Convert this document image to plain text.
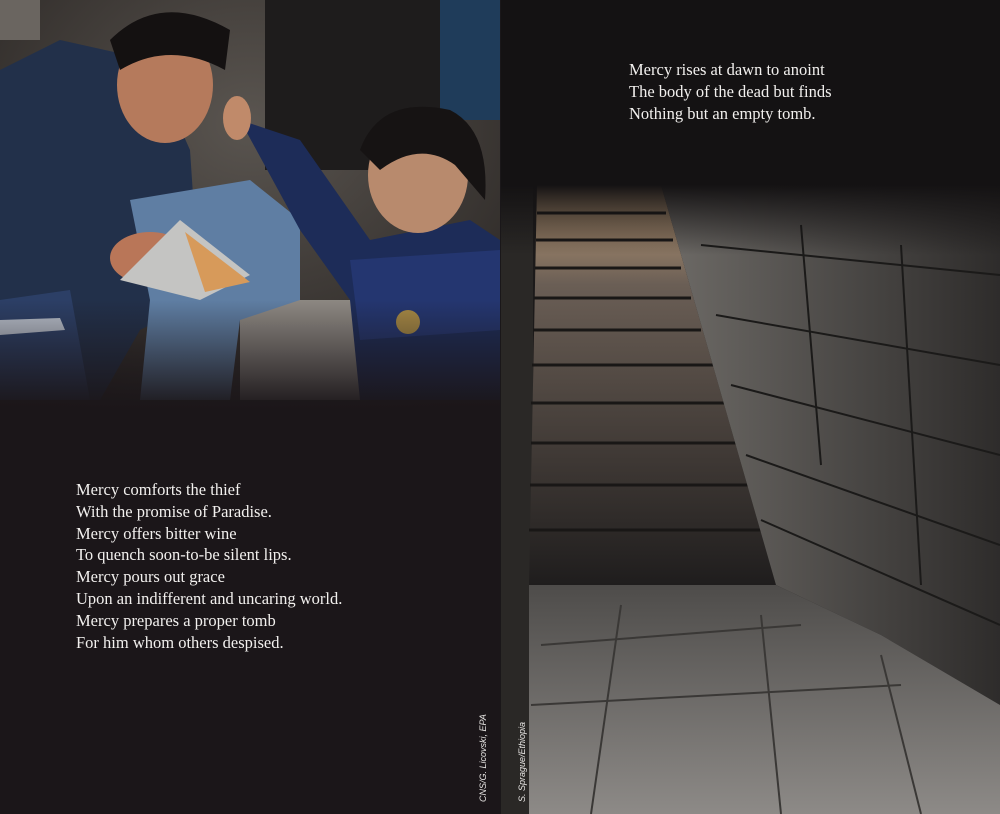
Mercy comforts the thief
With the promise of Paradise.
Mercy offers bitter wine
To quench soon-to-be silent lips.
Mercy pours out grace
Upon an indifferent and uncaring world.
Mercy prepares a proper tomb
For him whom others despised.

CNS/G. Licovski, EPA

Mercy rises at dawn to anoint
The body of the dead but finds
Nothing but an empty tomb.

S. Sprague/Ethiopia
